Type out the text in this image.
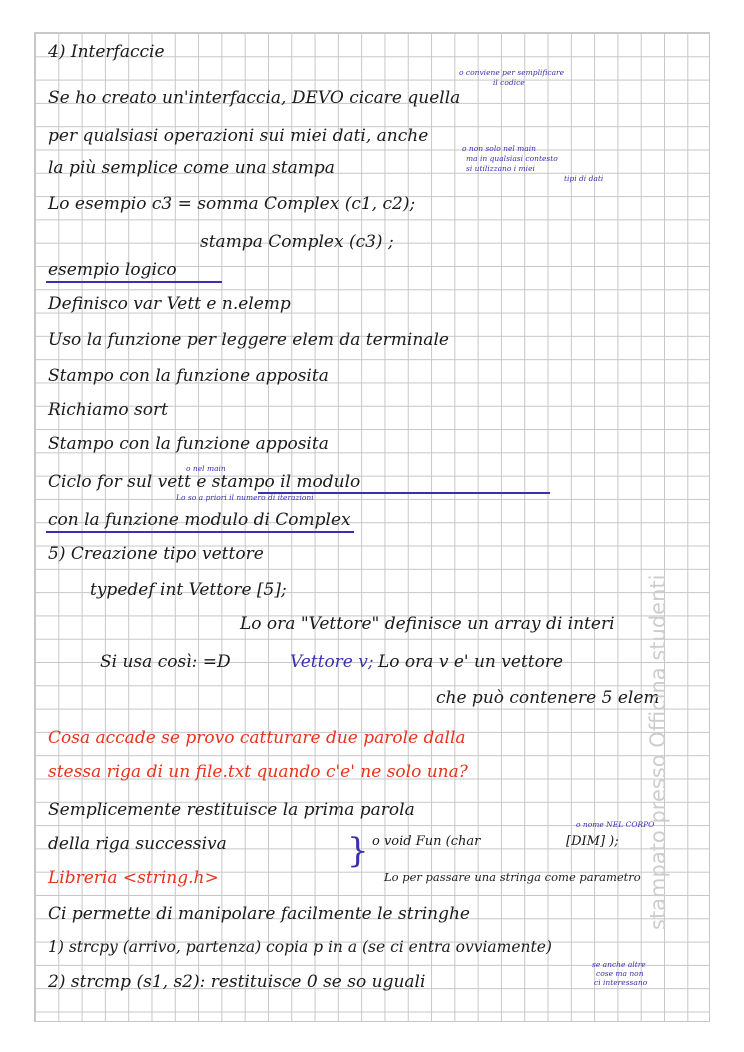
4) Interfaccie
Se ho creato un'interfaccia, DEVO cicare quella
o conviene per semplificare
il codice
per qualsiasi operazioni sui miei dati, anche
la più semplice come una stampa
o non solo nel main
ma in qualsiasi contesto
si utilizzano i miei
tipi di dati
Lo esempio c3 = somma Complex (c1, c2);
stampa Complex (c3) ;
esempio logico
Definisco var Vett e n.elemp
Uso la funzione per leggere elem da terminale
Stampo con la funzione apposita
Richiamo sort
Stampo con la funzione apposita
o nel main
Ciclo for sul vett e stampo il modulo
Lo so a priori il numero di iterazioni
con la funzione modulo di Complex
5) Creazione tipo vettore
typedef int Vettore [5];
Lo ora "Vettore" definisce un array di interi
Si usa così: =D	Vettore v; Lo ora v e' un vettore
che può contenere 5 elem
Cosa accade se provo catturare due parole dalla
stessa riga di un file.txt quando c'e' ne solo una?
Semplicemente restituisce la prima parola
o nome NEL CORPO
della riga successiva	o void Fun (char	[DIM] );
}
Libreria <string.h>	Lo per passare una stringa come parametro
Ci permette di manipolare facilmente le stringhe
1) strcpy (arrivo, partenza) copia p in a (se ci entra ovviamente)
2) strcmp (s1, s2): restituisce 0 se so uguali
se anche altre
cose ma non
ci interessano
stampato presso Officina studenti
